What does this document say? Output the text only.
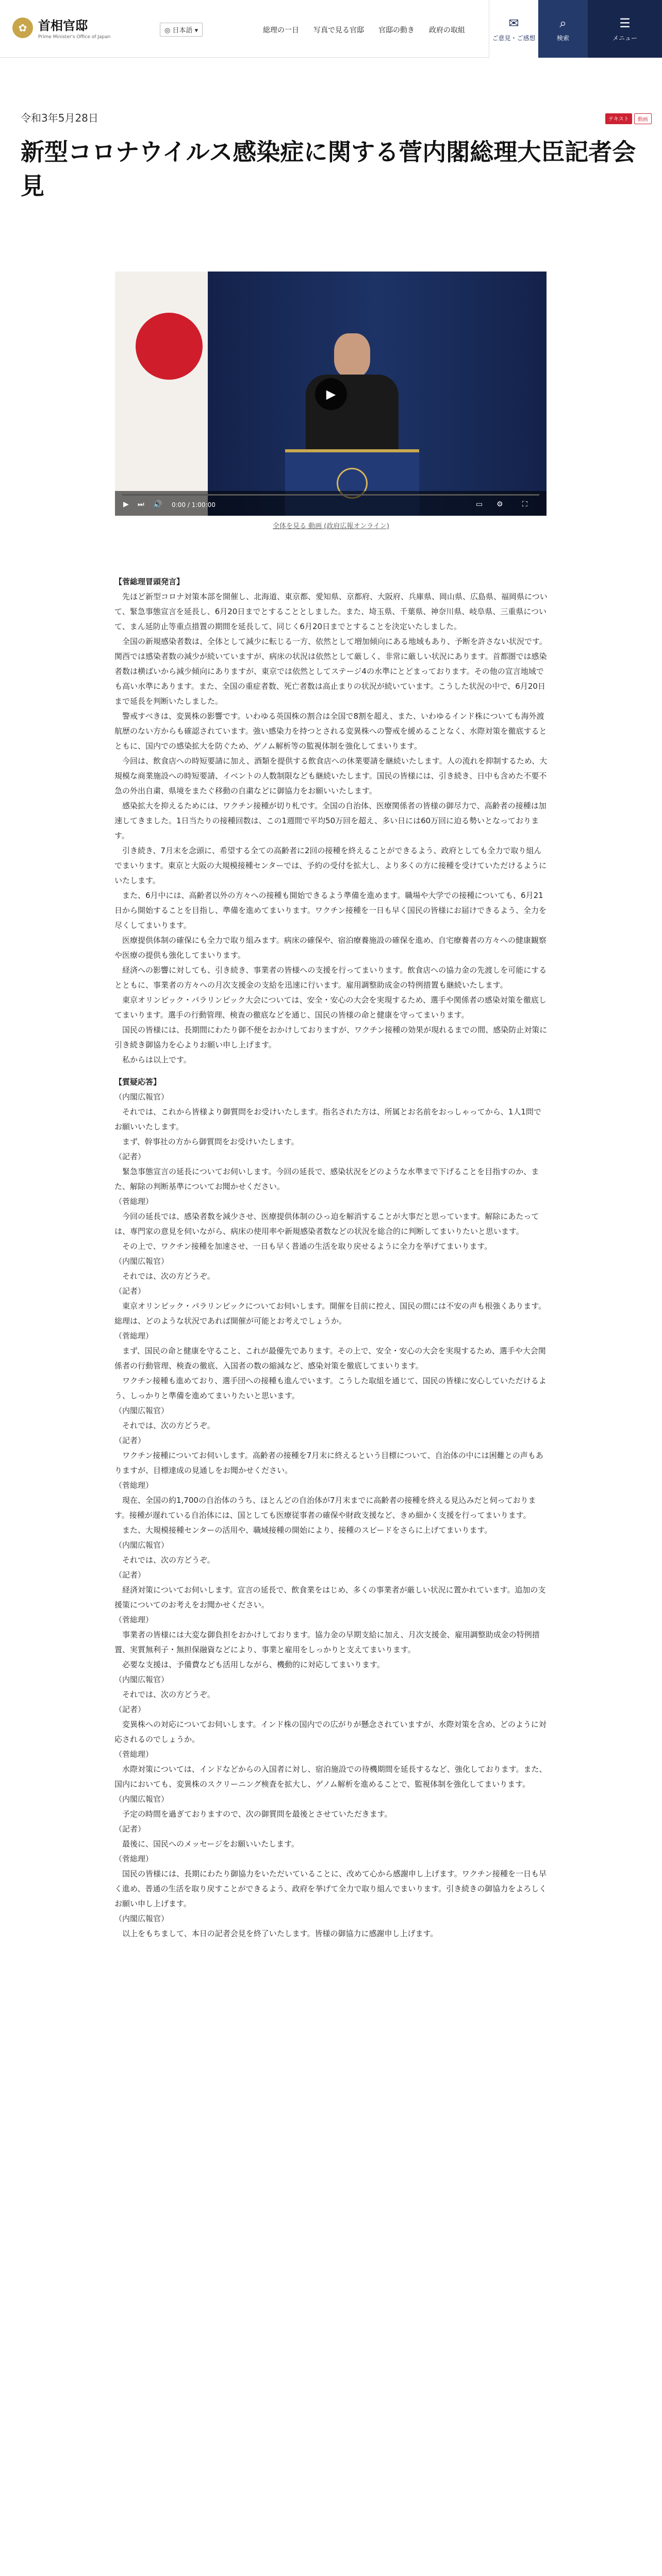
✿ 首相官邸
Prime Minister's Office of Japan
◎ 日本語 ▾	総理の一日 写真で見る官邸 官邸の動き 政府の取組
✉
ご意見・ご感想
⌕
検索
☰
メニュー
令和3年5月28日	テキスト	動画
新型コロナウイルス感染症に関する菅内閣総理大臣記者会見
▶
▶ ⏭ 🔊 0:00 / 1:00:00	▭ ⚙	⛶
全体を見る 動画 (政府広報オンライン)

【菅総理冒頭発言】

　先ほど新型コロナ対策本部を開催し、北海道、東京都、愛知県、京都府、大阪府、兵庫県、岡山県、広島県、福岡県について、緊急事態宣言を延長し、6月20日までとすることとしました。また、埼玉県、千葉県、神奈川県、岐阜県、三重県について、まん延防止等重点措置の期間を延長して、同じく6月20日までとすることを決定いたしました。

　全国の新規感染者数は、全体として減少に転じる一方、依然として増加傾向にある地域もあり、予断を許さない状況です。関西では感染者数の減少が続いていますが、病床の状況は依然として厳しく、非常に厳しい状況にあります。首都圏では感染者数は横ばいから減少傾向にありますが、東京では依然としてステージ4の水準にとどまっております。その他の宣言地域でも高い水準にあります。また、全国の重症者数、死亡者数は高止まりの状況が続いています。こうした状況の中で、6月20日まで延長を判断いたしました。

　警戒すべきは、変異株の影響です。いわゆる英国株の割合は全国で8割を超え、また、いわゆるインド株についても海外渡航歴のない方からも確認されています。強い感染力を持つとされる変異株への警戒を緩めることなく、水際対策を徹底するとともに、国内での感染拡大を防ぐため、ゲノム解析等の監視体制を強化してまいります。

　今回は、飲食店への時短要請に加え、酒類を提供する飲食店への休業要請を継続いたします。人の流れを抑制するため、大規模な商業施設への時短要請、イベントの人数制限なども継続いたします。国民の皆様には、引き続き、日中も含めた不要不急の外出自粛、県境をまたぐ移動の自粛などに御協力をお願いいたします。

　感染拡大を抑えるためには、ワクチン接種が切り札です。全国の自治体、医療関係者の皆様の御尽力で、高齢者の接種は加速してきました。1日当たりの接種回数は、この1週間で平均50万回を超え、多い日には60万回に迫る勢いとなっております。

　引き続き、7月末を念頭に、希望する全ての高齢者に2回の接種を終えることができるよう、政府としても全力で取り組んでまいります。東京と大阪の大規模接種センターでは、予約の受付を拡大し、より多くの方に接種を受けていただけるようにいたします。

　また、6月中には、高齢者以外の方々への接種も開始できるよう準備を進めます。職場や大学での接種についても、6月21日から開始することを目指し、準備を進めてまいります。ワクチン接種を一日も早く国民の皆様にお届けできるよう、全力を尽くしてまいります。

　医療提供体制の確保にも全力で取り組みます。病床の確保や、宿泊療養施設の確保を進め、自宅療養者の方々への健康観察や医療の提供も強化してまいります。

　経済への影響に対しても、引き続き、事業者の皆様への支援を行ってまいります。飲食店への協力金の先渡しを可能にするとともに、事業者の方々への月次支援金の支給を迅速に行います。雇用調整助成金の特例措置も継続いたします。

　東京オリンピック・パラリンピック大会については、安全・安心の大会を実現するため、選手や関係者の感染対策を徹底してまいります。選手の行動管理、検査の徹底などを通じ、国民の皆様の命と健康を守ってまいります。

　国民の皆様には、長期間にわたり御不便をおかけしておりますが、ワクチン接種の効果が現れるまでの間、感染防止対策に引き続き御協力を心よりお願い申し上げます。

　私からは以上です。

【質疑応答】

（内閣広報官）

　それでは、これから皆様より御質問をお受けいたします。指名された方は、所属とお名前をおっしゃってから、1人1問でお願いいたします。

　まず、幹事社の方から御質問をお受けいたします。

（記者）

　緊急事態宣言の延長についてお伺いします。今回の延長で、感染状況をどのような水準まで下げることを目指すのか、また、解除の判断基準についてお聞かせください。

（菅総理）

　今回の延長では、感染者数を減少させ、医療提供体制のひっ迫を解消することが大事だと思っています。解除にあたっては、専門家の意見を伺いながら、病床の使用率や新規感染者数などの状況を総合的に判断してまいりたいと思います。

　その上で、ワクチン接種を加速させ、一日も早く普通の生活を取り戻せるように全力を挙げてまいります。

（内閣広報官）

　それでは、次の方どうぞ。

（記者）

　東京オリンピック・パラリンピックについてお伺いします。開催を目前に控え、国民の間には不安の声も根強くあります。総理は、どのような状況であれば開催が可能とお考えでしょうか。

（菅総理）

　まず、国民の命と健康を守ること、これが最優先であります。その上で、安全・安心の大会を実現するため、選手や大会関係者の行動管理、検査の徹底、入国者の数の縮減など、感染対策を徹底してまいります。

　ワクチン接種も進めており、選手団への接種も進んでいます。こうした取組を通じて、国民の皆様に安心していただけるよう、しっかりと準備を進めてまいりたいと思います。

（内閣広報官）

　それでは、次の方どうぞ。

（記者）

　ワクチン接種についてお伺いします。高齢者の接種を7月末に終えるという目標について、自治体の中には困難との声もありますが、目標達成の見通しをお聞かせください。

（菅総理）

　現在、全国の約1,700の自治体のうち、ほとんどの自治体が7月末までに高齢者の接種を終える見込みだと伺っております。接種が遅れている自治体には、国としても医療従事者の確保や財政支援など、きめ細かく支援を行ってまいります。

　また、大規模接種センターの活用や、職域接種の開始により、接種のスピードをさらに上げてまいります。

（内閣広報官）

　それでは、次の方どうぞ。

（記者）

　経済対策についてお伺いします。宣言の延長で、飲食業をはじめ、多くの事業者が厳しい状況に置かれています。追加の支援策についてのお考えをお聞かせください。

（菅総理）

　事業者の皆様には大変な御負担をおかけしております。協力金の早期支給に加え、月次支援金、雇用調整助成金の特例措置、実質無利子・無担保融資などにより、事業と雇用をしっかりと支えてまいります。

　必要な支援は、予備費なども活用しながら、機動的に対応してまいります。

（内閣広報官）

　それでは、次の方どうぞ。

（記者）

　変異株への対応についてお伺いします。インド株の国内での広がりが懸念されていますが、水際対策を含め、どのように対応されるのでしょうか。

（菅総理）

　水際対策については、インドなどからの入国者に対し、宿泊施設での待機期間を延長するなど、強化しております。また、国内においても、変異株のスクリーニング検査を拡大し、ゲノム解析を進めることで、監視体制を強化してまいります。

（内閣広報官）

　予定の時間を過ぎておりますので、次の御質問を最後とさせていただきます。

（記者）

　最後に、国民へのメッセージをお願いいたします。

（菅総理）

　国民の皆様には、長期にわたり御協力をいただいていることに、改めて心から感謝申し上げます。ワクチン接種を一日も早く進め、普通の生活を取り戻すことができるよう、政府を挙げて全力で取り組んでまいります。引き続きの御協力をよろしくお願い申し上げます。

（内閣広報官）

　以上をもちまして、本日の記者会見を終了いたします。皆様の御協力に感謝申し上げます。
